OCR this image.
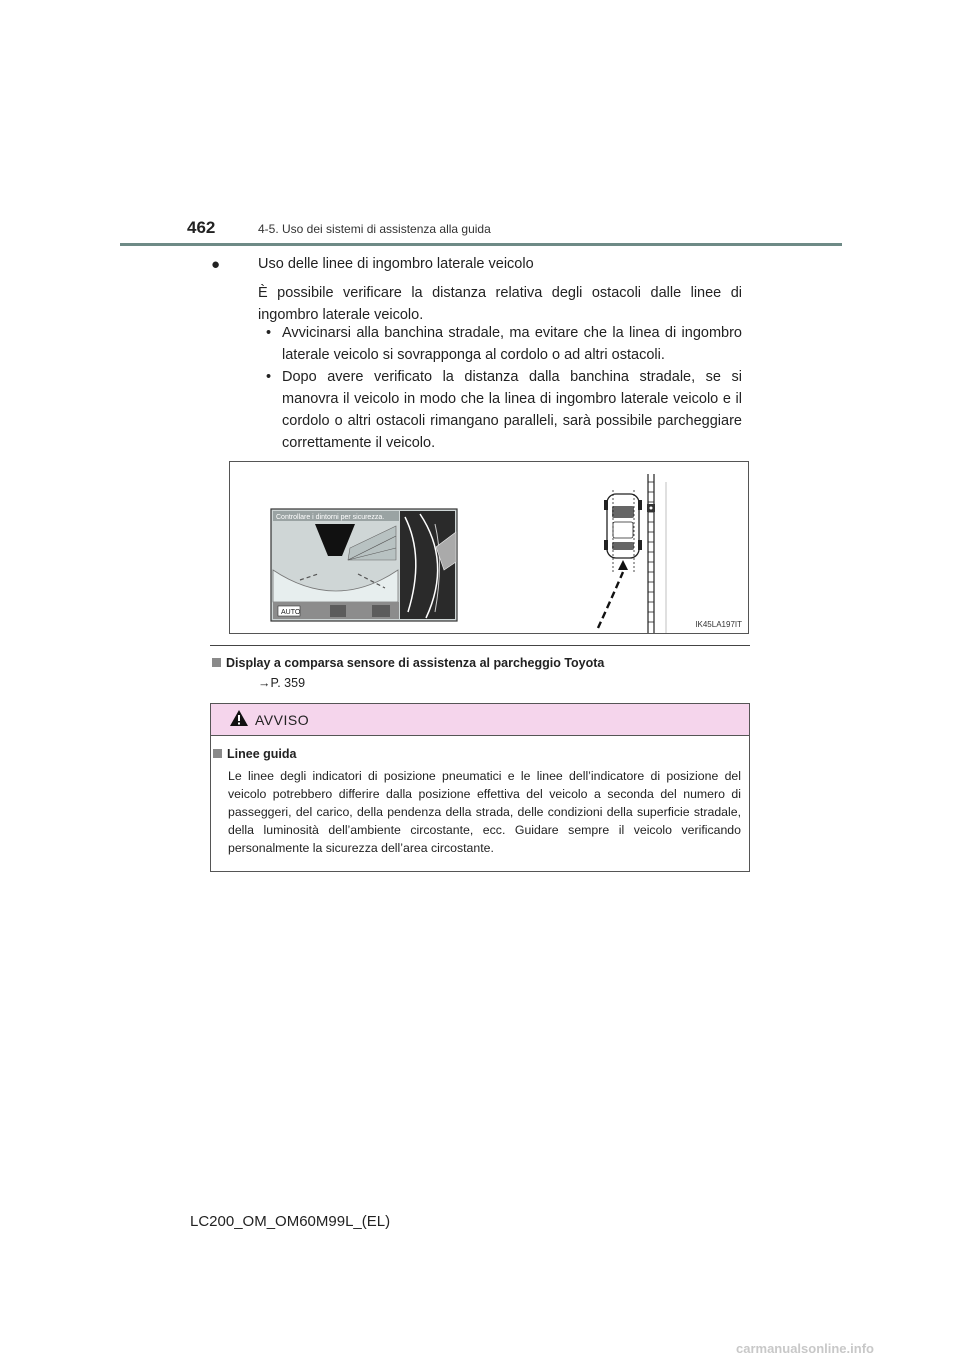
462	4-5. Uso dei sistemi di assistenza alla guida
●	Uso delle linee di ingombro laterale veicolo
È possibile verificare la distanza relativa degli ostacoli dalle linee di ingombro laterale veicolo.
• Avvicinarsi alla banchina stradale, ma evitare che la linea di ingombro laterale veicolo si sovrapponga al cordolo o ad altri ostacoli.
• Dopo avere verificato la distanza dalla banchina stradale, se si manovra il veicolo in modo che la linea di ingombro laterale veicolo e il cordolo o altri ostacoli rimangano paralleli, sarà possibile parcheggiare correttamente il veicolo.
Controllare i dintorni per sicurezza.
AUTO
IK45LA197IT
Display a comparsa sensore di assistenza al parcheggio Toyota
→P. 359
AVVISO
Linee guida
Le linee degli indicatori di posizione pneumatici e le linee dell’indicatore di posizione del veicolo potrebbero differire dalla posizione effettiva del veicolo a seconda del numero di passeggeri, del carico, della pendenza della strada, delle condizioni della superficie stradale, della luminosità dell’ambiente circostante, ecc. Guidare sempre il veicolo verificando personalmente la sicurezza dell’area circostante.
LC200_OM_OM60M99L_(EL)
carmanualsonline.info
